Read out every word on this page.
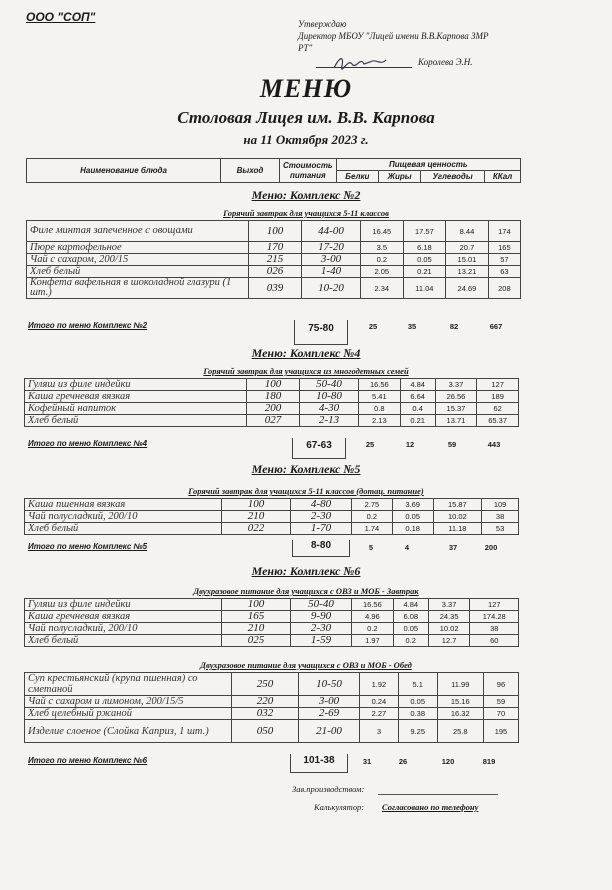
ООО "СОП"	Утверждаю
Директор МБОУ "Лицей имени В.В.Карпова ЗМР
РТ"
Королева Э.Н.
МЕНЮ
Столовая Лицея им. В.В. Карпова
на 11 Октября 2023 г.
Наименование блюда	Выход	Стоимость питания	Пищевая ценность			
			Белки	Жиры	Углеводы	ККал
Меню: Комплекс №2
Горячий завтрак для учащихся 5-11 классов
Филе минтая запеченное с овощами	100	44-00	16.45	17.57	8.44	174
Пюре картофельное	170	17-20	3.5	6.18	20.7	165
Чай с сахаром, 200/15	215	3-00	0.2	0.05	15.01	57
Хлеб белый	026	1-40	2.05	0.21	13.21	63
Конфета вафельная в шоколадной глазури (1 шт.)	039	10-20	2.34	11.04	24.69	208
Итого по меню Комплекс №2	75-80	25	35	82	667
Меню: Комплекс №4
Горячий завтрак для учащихся из многодетных семей
Гуляш из филе индейки	100	50-40	16.56	4.84	3.37	127
Каша гречневая вязкая	180	10-80	5.41	6.64	26.56	189
Кофейный напиток	200	4-30	0.8	0.4	15.37	62
Хлеб белый	027	2-13	2.13	0.21	13.71	65.37
Итого по меню Комплекс №4	67-63	25	12	59	443
Меню: Комплекс №5
Горячий завтрак для учащихся 5-11 классов (дотац. питание)
Каша пшенная вязкая	100	4-80	2.75	3.69	15.87	109
Чай полусладкий, 200/10	210	2-30	0.2	0.05	10.02	38
Хлеб белый	022	1-70	1.74	0.18	11.18	53
Итого по меню Комплекс №5	8-80	5	4	37	200
Меню: Комплекс №6
Двухразовое питание для учащихся с ОВЗ и МОБ - Завтрак
Гуляш из филе индейки	100	50-40	16.56	4.84	3.37	127
Каша гречневая вязкая	165	9-90	4.96	6.08	24.35	174.28
Чай полусладкий, 200/10	210	2-30	0.2	0.05	10.02	38
Хлеб белый	025	1-59	1.97	0.2	12.7	60
Двухразовое питание для учащихся с ОВЗ и МОБ - Обед
Суп крестьянский (крупа пшенная) со сметаной	250	10-50	1.92	5.1	11.99	96
Чай с сахаром и лимоном, 200/15/5	220	3-00	0.24	0.05	15.16	59
Хлеб целебный ржаной	032	2-69	2.27	0.38	16.32	70
Изделие слоеное (Слойка Каприз, 1 шт.)	050	21-00	3	9.25	25.8	195
Итого по меню Комплекс №6	101-38	31	26	120	819
Зав.производством:
Калькулятор: Согласовано по телефону
